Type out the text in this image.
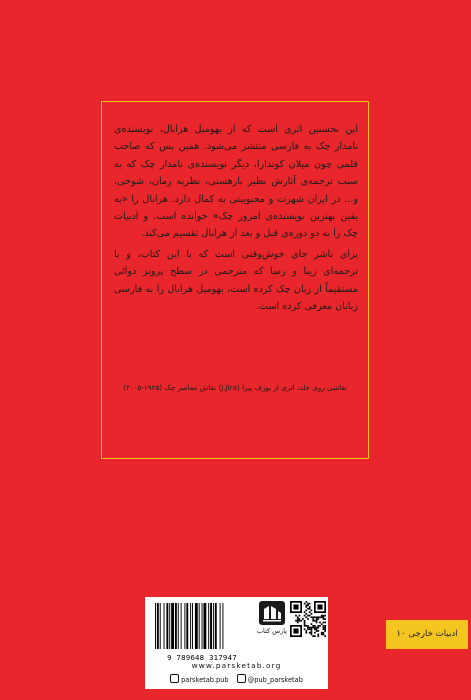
این نخستین اثری است که از بهومیل هرابال، نویسنده‌ی نامدار چک به فارسی منتشر می‌شود. همین بس که صاحب قلمی چون میلان کوندارا، دیگر نویسنده‌ی نامدار چک که به سبب ترجمه‌ی آثارش نظیر بارهستی، نظریه رمان، شوخی، و... در ایران شهرت و محبوبیتی به کمال دارد. هرابال را «به یقین بهترین نویسنده‌ی امروز چک» خوانده است. و ادبیات چک را به دو دوره‌ی قبل و بعد از هرابال تقسیم می‌کند.

برای ناشر جای خوش‌وقتی است که با این کتاب، و با ترجمه‌ای زیبا و رسا که مترجمی در سطح پرویز دوائی مستقیماً از زبان چک کرده است، بهومیل هرابال را به فارسی زبانان معرفی کرده است.

نقاشی روی جلد، اثری از یوزف پیرا (J.Jira) نقاش معاصر چک (۱۹۲۵-۲۰۰۵)
9 789648 317947
پارس کتاب
www.parsketab.org
parsketab.pub	@pub_parsketab
ادبیات خارجی ۱۰
